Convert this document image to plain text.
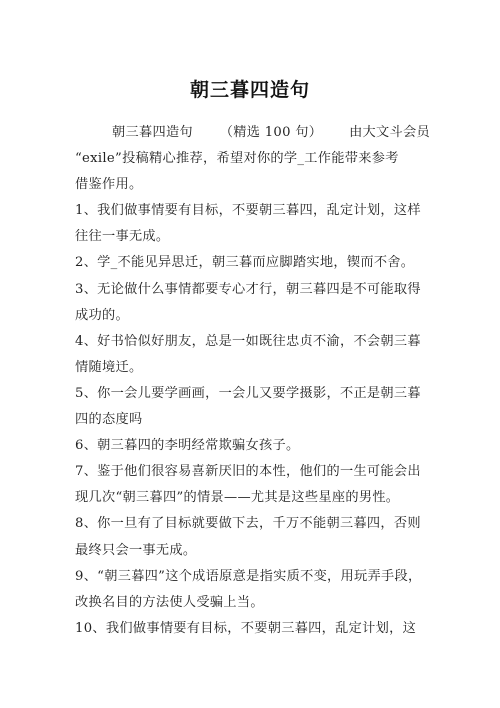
朝三暮四造句
朝三暮四造句 （精选 100 句） 由大文斗会员
“exile”投稿精心推荐，希望对你的学_工作能带来参考
借鉴作用。
1、我们做事情要有目标，不要朝三暮四，乱定计划，这样
往往一事无成。
2、学_不能见异思迁，朝三暮而应脚踏实地，锲而不舍。
3、无论做什么事情都要专心才行，朝三暮四是不可能取得
成功的。
4、好书恰似好朋友，总是一如既往忠贞不渝，不会朝三暮
情随境迁。
5、你一会儿要学画画，一会儿又要学摄影，不正是朝三暮
四的态度吗
6、朝三暮四的李明经常欺骗女孩子。
7、鉴于他们很容易喜新厌旧的本性，他们的一生可能会出
现几次“朝三暮四”的情景——尤其是这些星座的男性。
8、你一旦有了目标就要做下去，千万不能朝三暮四，否则
最终只会一事无成。
9、“朝三暮四”这个成语原意是指实质不变，用玩弄手段，
改换名目的方法使人受骗上当。
10、我们做事情要有目标，不要朝三暮四，乱定计划，这
